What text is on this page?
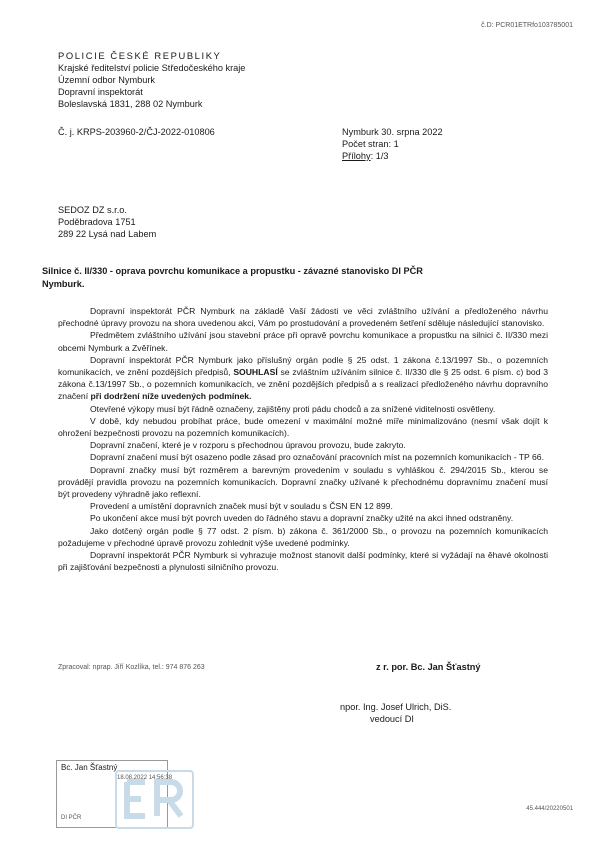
č.D: PCR01ETRfo103785001
POLICIE ČESKÉ REPUBLIKY
Krajské ředitelství policie Středočeského kraje
Územní odbor Nymburk
Dopravní inspektorát
Boleslavská 1831, 288 02 Nymburk
Č. j. KRPS-203960-2/ČJ-2022-010806	Nymburk 30. srpna 2022
Počet stran: 1
Přílohy: 1/3
SEDOZ DZ s.r.o.
Poděbradova 1751
289 22 Lysá nad Labem
Silnice č. II/330 - oprava povrchu komunikace a propustku - závazné stanovisko DI PČR
Nymburk.

Dopravní inspektorát PČR Nymburk na základě Vaší žádosti ve věci zvláštního užívání a předloženého návrhu přechodné úpravy provozu na shora uvedenou akci, Vám po prostudování a provedeném šetření sděluje následující stanovisko.

Předmětem zvláštního užívání jsou stavební práce při opravě povrchu komunikace a propustku na silnici č. II/330 mezi obcemi Nymburk a Zvěřínek.

Dopravní inspektorát PČR Nymburk jako příslušný orgán podle § 25 odst. 1 zákona č.13/1997 Sb., o pozemních komunikacích, ve znění pozdějších předpisů, SOUHLASÍ se zvláštním užíváním silnice č. II/330 dle § 25 odst. 6 písm. c) bod 3 zákona č.13/1997 Sb., o pozemních komunikacích, ve znění pozdějších předpisů a s realizací předloženého návrhu dopravního značení při dodržení níže uvedených podmínek.

Otevřené výkopy musí být řádně označeny, zajištěny proti pádu chodců a za snížené viditelnosti osvětleny.

V době, kdy nebudou probíhat práce, bude omezení v maximální možné míře minimalizováno (nesmí však dojít k ohrožení bezpečnosti provozu na pozemních komunikacích).

Dopravní značení, které je v rozporu s přechodnou úpravou provozu, bude zakryto.

Dopravní značení musí být osazeno podle zásad pro označování pracovních míst na pozemních komunikacích - TP 66.

Dopravní značky musí být rozměrem a barevným provedením v souladu s vyhláškou č. 294/2015 Sb., kterou se provádějí pravidla provozu na pozemních komunikacích. Dopravní značky užívané k přechodnému dopravnímu značení musí být provedeny výhradně jako reflexní.

Provedení a umístění dopravních značek musí být v souladu s ČSN EN 12 899.

Po ukončení akce musí být povrch uveden do řádného stavu a dopravní značky užité na akci ihned odstraněny.

Jako dotčený orgán podle § 77 odst. 2 písm. b) zákona č. 361/2000 Sb., o provozu na pozemních komunikacích požadujeme v přechodné úpravě provozu zohlednit výše uvedené podmínky.

Dopravní inspektorát PČR Nymburk si vyhrazuje možnost stanovit další podmínky, které si vyžádají na ěhavé okolnosti při zajišťování bezpečnosti a plynulosti silničního provozu.

Zpracoval: nprap. Jiří Kozlíka, tel.: 974 876 263	z r. por. Bc. Jan Šťastný
npor. Ing. Josef Ulrich, DiS.
vedoucí DI
Bc. Jan Šťastný
18.08.2022 14:56:38
DI PČR
45.444/20220501
